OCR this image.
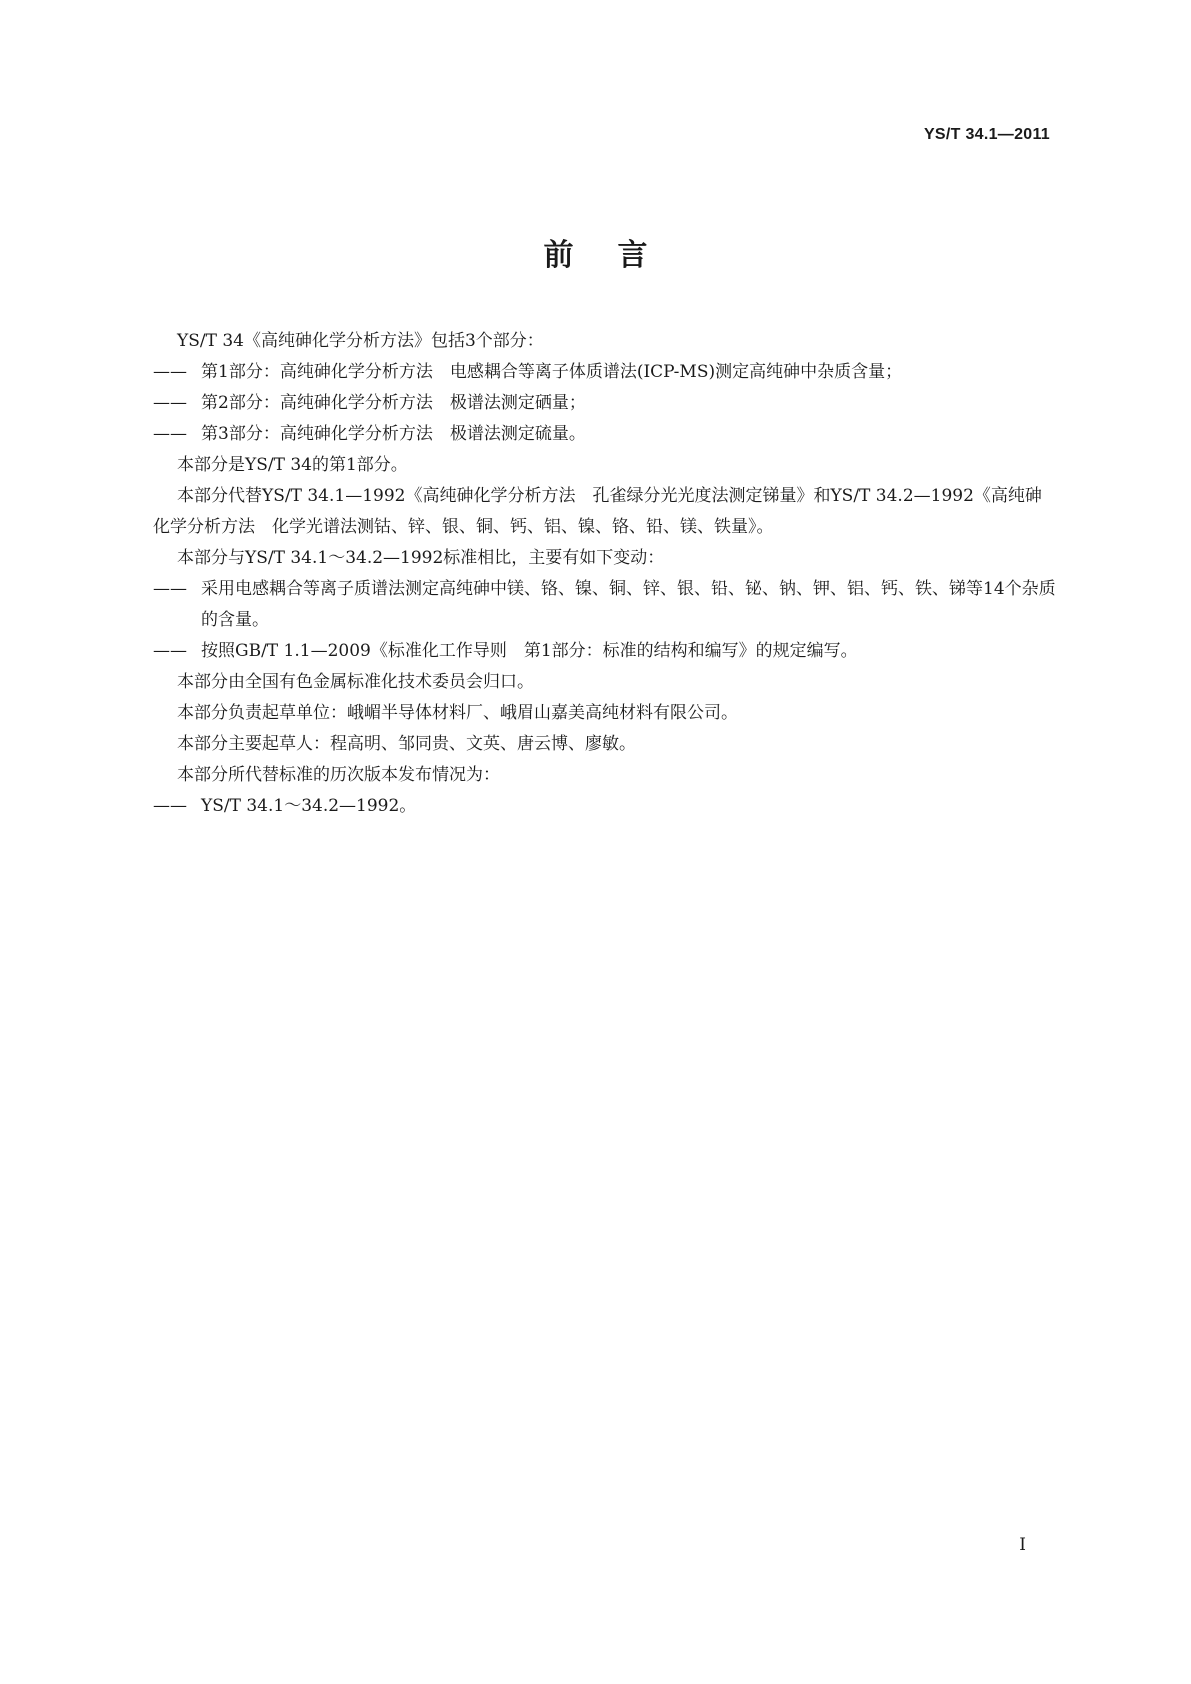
YS/T 34.1—2011
前言

YS/T 34《高纯砷化学分析方法》包括3个部分：

—— 第1部分：高纯砷化学分析方法　电感耦合等离子体质谱法(ICP-MS)测定高纯砷中杂质含量；

—— 第2部分：高纯砷化学分析方法　极谱法测定硒量；

—— 第3部分：高纯砷化学分析方法　极谱法测定硫量。

本部分是YS/T 34的第1部分。

本部分代替YS/T 34.1—1992《高纯砷化学分析方法　孔雀绿分光光度法测定锑量》和YS/T 34.2—1992《高纯砷化学分析方法　化学光谱法测钴、锌、银、铜、钙、铝、镍、铬、铅、镁、铁量》。

本部分与YS/T 34.1～34.2—1992标准相比，主要有如下变动：

—— 采用电感耦合等离子质谱法测定高纯砷中镁、铬、镍、铜、锌、银、铅、铋、钠、钾、铝、钙、铁、锑等14个杂质的含量。

—— 按照GB/T 1.1—2009《标准化工作导则　第1部分：标准的结构和编写》的规定编写。

本部分由全国有色金属标准化技术委员会归口。

本部分负责起草单位：峨嵋半导体材料厂、峨眉山嘉美高纯材料有限公司。

本部分主要起草人：程高明、邹同贵、文英、唐云博、廖敏。

本部分所代替标准的历次版本发布情况为：

—— YS/T 34.1～34.2—1992。

I
